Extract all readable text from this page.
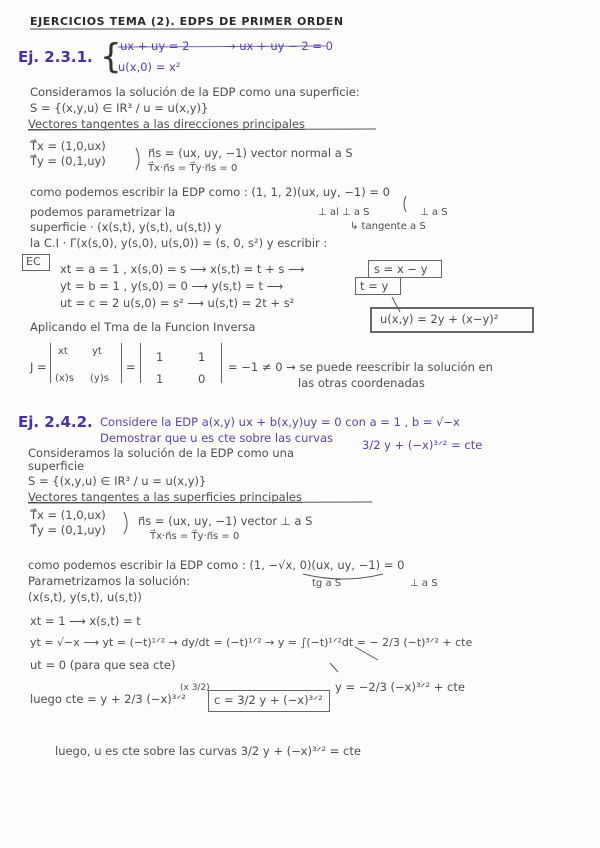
EJERCICIOS TEMA (2). EDPS DE PRIMER ORDEN
Ej. 2.3.1. {
ux + uy = 2	→ ux + uy − 2 = 0
u(x,0) = x²
Consideramos la solución de la EDP como una superficie:
S = {(x,y,u) ∈ IR³ / u = u(x,y)}
Vectores tangentes a las direcciones principales
T⃗x = (1,0,ux)
T⃗y = (0,1,uy)
n⃗s = (ux, uy, −1) vector normal a S
T⃗x·n⃗s = T⃗y·n⃗s = 0
como podemos escribir la EDP como : (1, 1, 2)(ux, uy, −1) = 0
⊥ al ⊥ a S	⊥ a S
↳ tangente a S
podemos parametrizar la
superficie · (x(s,t), y(s,t), u(s,t)) y
la C.I · Γ(x(s,0), y(s,0), u(s,0)) = (s, 0, s²) y escribir :
EC
xt = a = 1 , x(s,0) = s ⟶ x(s,t) = t + s ⟶	s = x − y
yt = b = 1 , y(s,0) = 0 ⟶ y(s,t) = t ⟶	t = y
ut = c = 2 u(s,0) = s² ⟶ u(s,t) = 2t + s²
u(x,y) = 2y + (x−y)²
Aplicando el Tma de la Funcion Inversa
J =
xt yt
(x)s (y)s
=
1	1
1	0
= −1 ≠ 0 → se puede reescribir la solución en
las otras coordenadas
Ej. 2.4.2. Considere la EDP a(x,y) ux + b(x,y)uy = 0 con a = 1 , b = √−x
Demostrar que u es cte sobre las curvas	3/2 y + (−x)³ᐟ² = cte
Consideramos la solución de la EDP como una
superficie
S = {(x,y,u) ∈ IR³ / u = u(x,y)}
Vectores tangentes a las superficies principales
T⃗x = (1,0,ux)
T⃗y = (0,1,uy)
n⃗s = (ux, uy, −1) vector ⊥ a S
T⃗x·n⃗s = T⃗y·n⃗s = 0
como podemos escribir la EDP como : (1, −√x, 0)(ux, uy, −1) = 0
tg a S	⊥ a S
Parametrizamos la solución:
(x(s,t), y(s,t), u(s,t))
xt = 1 ⟶ x(s,t) = t
yt = √−x ⟶ yt = (−t)¹ᐟ² → dy/dt = (−t)¹ᐟ² → y = ∫(−t)¹ᐟ²dt = − 2/3 (−t)³ᐟ² + cte
ut = 0 (para que sea cte)
y = −2/3 (−x)³ᐟ² + cte
luego cte = y + 2/3 (−x)³ᐟ²
(x 3/2)
c = 3/2 y + (−x)³ᐟ²
luego, u es cte sobre las curvas 3/2 y + (−x)³ᐟ² = cte
